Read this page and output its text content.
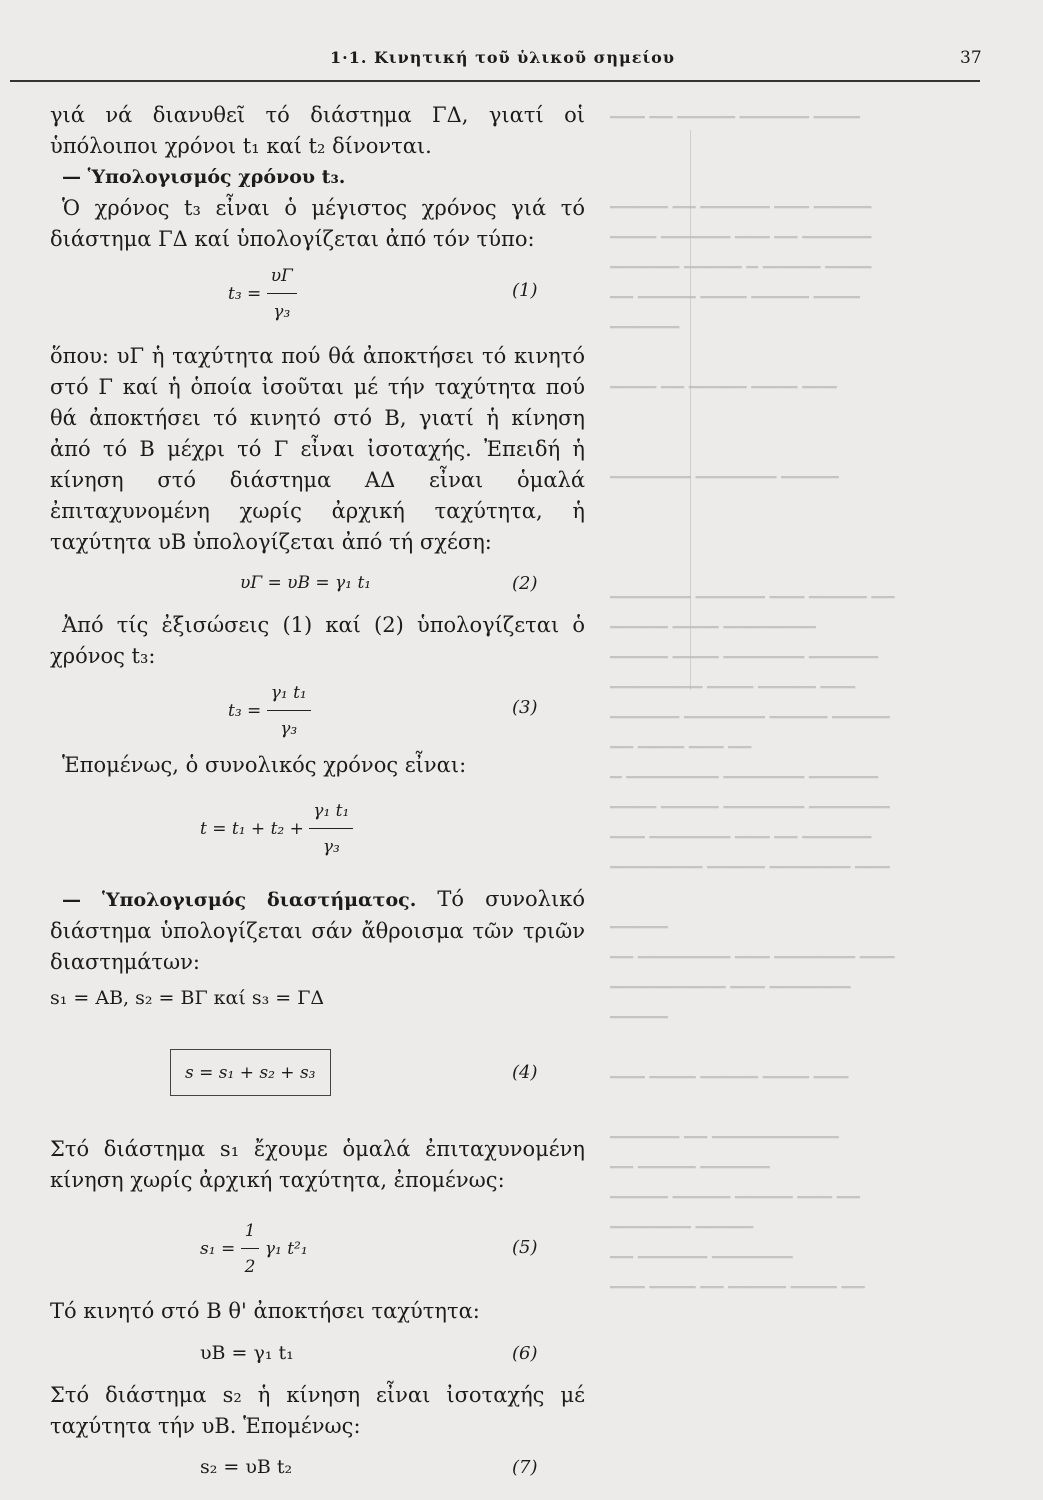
▔▔▔ ▔▔ ▔▔▔▔▔ ▔▔▔▔▔▔ ▔▔▔▔

▔▔▔▔▔ ▔▔ ▔▔▔▔▔▔ ▔▔▔ ▔▔▔▔▔
▔▔▔▔ ▔▔▔▔▔▔ ▔▔▔ ▔▔ ▔▔▔▔▔▔
▔▔▔▔▔▔ ▔▔▔▔▔ ▔ ▔▔▔▔▔ ▔▔▔▔
▔▔ ▔▔▔▔▔ ▔▔▔▔ ▔▔▔▔▔ ▔▔▔▔
▔▔▔▔▔▔

▔▔▔▔ ▔▔ ▔▔▔▔▔ ▔▔▔▔ ▔▔▔

▔▔▔▔▔▔▔ ▔▔▔▔▔▔▔ ▔▔▔▔▔

▔▔▔▔▔▔▔ ▔▔▔▔▔▔ ▔▔▔ ▔▔▔▔▔ ▔▔
▔▔▔▔▔ ▔▔▔▔ ▔▔▔▔▔▔▔▔
▔▔▔▔▔ ▔▔▔▔ ▔▔▔▔▔▔▔ ▔▔▔▔▔▔
▔▔▔▔▔▔▔▔ ▔▔▔▔ ▔▔▔▔▔ ▔▔▔
▔▔▔▔▔▔ ▔▔▔▔▔▔▔ ▔▔▔▔▔ ▔▔▔▔▔
▔▔ ▔▔▔▔ ▔▔▔ ▔▔
▔ ▔▔▔▔▔▔▔▔ ▔▔▔▔▔▔▔ ▔▔▔▔▔▔
▔▔▔▔ ▔▔▔▔▔ ▔▔▔▔▔▔▔ ▔▔▔▔▔▔▔
▔▔▔ ▔▔▔▔▔▔▔ ▔▔▔ ▔▔ ▔▔▔▔▔▔
▔▔▔▔▔▔▔▔ ▔▔▔▔▔ ▔▔▔▔▔▔▔ ▔▔▔

▔▔▔▔▔
▔▔ ▔▔▔▔▔▔▔▔ ▔▔▔ ▔▔▔▔▔▔▔ ▔▔▔
▔▔▔▔▔▔▔▔▔▔ ▔▔▔ ▔▔▔▔▔▔▔
▔▔▔▔▔

▔▔▔ ▔▔▔▔ ▔▔▔▔▔ ▔▔▔▔ ▔▔▔

▔▔▔▔▔▔ ▔▔ ▔▔▔▔▔▔▔▔▔▔▔
▔▔ ▔▔▔▔▔ ▔▔▔▔▔▔
▔▔▔▔▔ ▔▔▔▔▔ ▔▔▔▔▔ ▔▔▔ ▔▔
▔▔▔▔▔▔▔ ▔▔▔▔▔
▔▔ ▔▔▔▔▔▔ ▔▔▔▔▔▔▔
▔▔▔ ▔▔▔▔ ▔▔ ▔▔▔▔▔ ▔▔▔▔ ▔▔
1·1. Κινητική τοῦ ὑλικοῦ σημείου	37

γιά νά διανυθεῖ τό διάστημα ΓΔ, γιατί οἱ ὑπόλοιποι χρόνοι t₁ καί t₂ δίνονται.

— Ὑπολογισμός χρόνου t₃.

Ὁ χρόνος t₃ εἶναι ὁ μέγιστος χρόνος γιά τό διάστημα ΓΔ καί ὑπολογίζεται ἀπό τόν τύπο:

$t_3 = \frac{\upsilon\Gamma}{\text{γ₃}}$	(1)

ὅπου: υΓ ἡ ταχύτητα πού θά ἀποκτήσει τό κινητό στό Γ καί ἡ ὁποία ἰσοῦται μέ τήν ταχύτητα πού θά ἀποκτήσει τό κινητό στό Β, γιατί ἡ κίνηση ἀπό τό Β μέχρι τό Γ εἶναι ἰσοταχής. Ἐπειδή ἡ κίνηση στό διάστημα ΑΔ εἶναι ὁμαλά ἐπιταχυνομένη χωρίς ἀρχική ταχύτητα, ἡ ταχύτητα υΒ ὑπολογίζεται ἀπό τή σχέση:

υΓ = υΒ = γ₁ t₁	(2)

Ἀπό τίς ἐξισώσεις (1) καί (2) ὑπολογίζεται ὁ χρόνος t₃:

$t_3 = \frac{\text{γ₁ t₁}}{\text{γ₃}}$	(3)

Ἑπομένως, ὁ συνολικός χρόνος εἶναι:

$t = t_1 + t_2 + \frac{\text{γ₁ t₁}}{\text{γ₃}}$

— Ὑπολογισμός διαστήματος. Τό συνολικό διάστημα ὑπολογίζεται σάν ἄθροισμα τῶν τριῶν διαστημάτων:

s₁ = ΑΒ, s₂ = ΒΓ καί s₃ = ΓΔ
s = s₁ + s₂ + s₃	(4)

Στό διάστημα s₁ ἔχουμε ὁμαλά ἐπιταχυνομένη κίνηση χωρίς ἀρχική ταχύτητα, ἐπομένως:

$s_1 = \frac{1}{2} \gamma_1$ t²₁	(5)

Τό κινητό στό Β θ' ἀποκτήσει ταχύτητα:

υΒ = γ₁ t₁	(6)

Στό διάστημα s₂ ἡ κίνηση εἶναι ἰσοταχής μέ ταχύτητα τήν υΒ. Ἑπομένως:

s₂ = υΒ t₂	(7)
